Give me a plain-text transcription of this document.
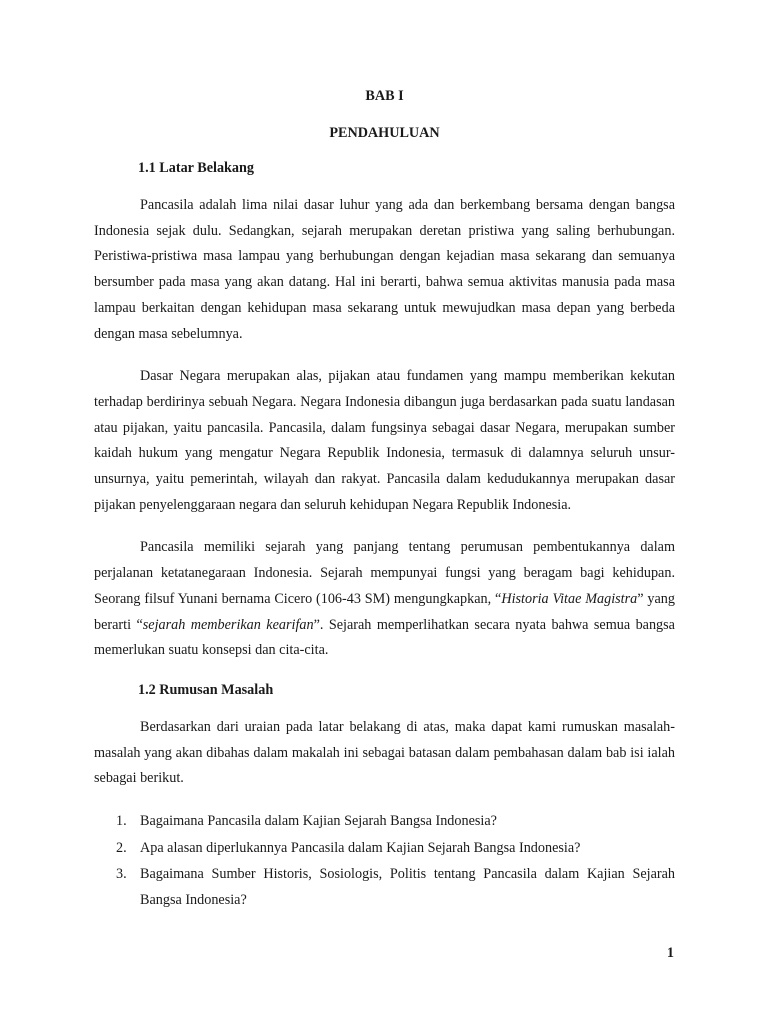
BAB I

PENDAHULUAN

1.1 Latar Belakang

Pancasila adalah lima nilai dasar luhur yang ada dan berkembang bersama dengan bangsa Indonesia sejak dulu. Sedangkan, sejarah merupakan deretan pristiwa yang saling berhubungan. Peristiwa-pristiwa masa lampau yang berhubungan dengan kejadian masa sekarang dan semuanya bersumber pada masa yang akan datang. Hal ini berarti, bahwa semua aktivitas manusia pada masa lampau berkaitan dengan kehidupan masa sekarang untuk mewujudkan masa depan yang berbeda dengan masa sebelumnya.

Dasar Negara merupakan alas, pijakan atau fundamen yang mampu memberikan kekutan terhadap berdirinya sebuah Negara. Negara Indonesia dibangun juga berdasarkan pada suatu landasan atau pijakan, yaitu pancasila. Pancasila, dalam fungsinya sebagai dasar Negara, merupakan sumber kaidah hukum yang mengatur Negara Republik Indonesia, termasuk di dalamnya seluruh unsur-unsurnya, yaitu pemerintah, wilayah dan rakyat. Pancasila dalam kedudukannya merupakan dasar pijakan penyelenggaraan negara dan seluruh kehidupan Negara Republik Indonesia.

Pancasila memiliki sejarah yang panjang tentang perumusan pembentukannya dalam perjalanan ketatanegaraan Indonesia. Sejarah mempunyai fungsi yang beragam bagi kehidupan. Seorang filsuf Yunani bernama Cicero (106-43 SM) mengungkapkan, “Historia Vitae Magistra” yang berarti “sejarah memberikan kearifan”. Sejarah memperlihatkan secara nyata bahwa semua bangsa memerlukan suatu konsepsi dan cita-cita.

1.2 Rumusan Masalah

Berdasarkan dari uraian pada latar belakang di atas, maka dapat kami rumuskan masalah-masalah yang akan dibahas dalam makalah ini sebagai batasan dalam pembahasan dalam bab isi ialah sebagai berikut.

1. Bagaimana Pancasila dalam Kajian Sejarah Bangsa Indonesia?
2. Apa alasan diperlukannya Pancasila dalam Kajian Sejarah Bangsa Indonesia?
3. Bagaimana Sumber Historis, Sosiologis, Politis tentang Pancasila dalam Kajian Sejarah Bangsa Indonesia?
1
